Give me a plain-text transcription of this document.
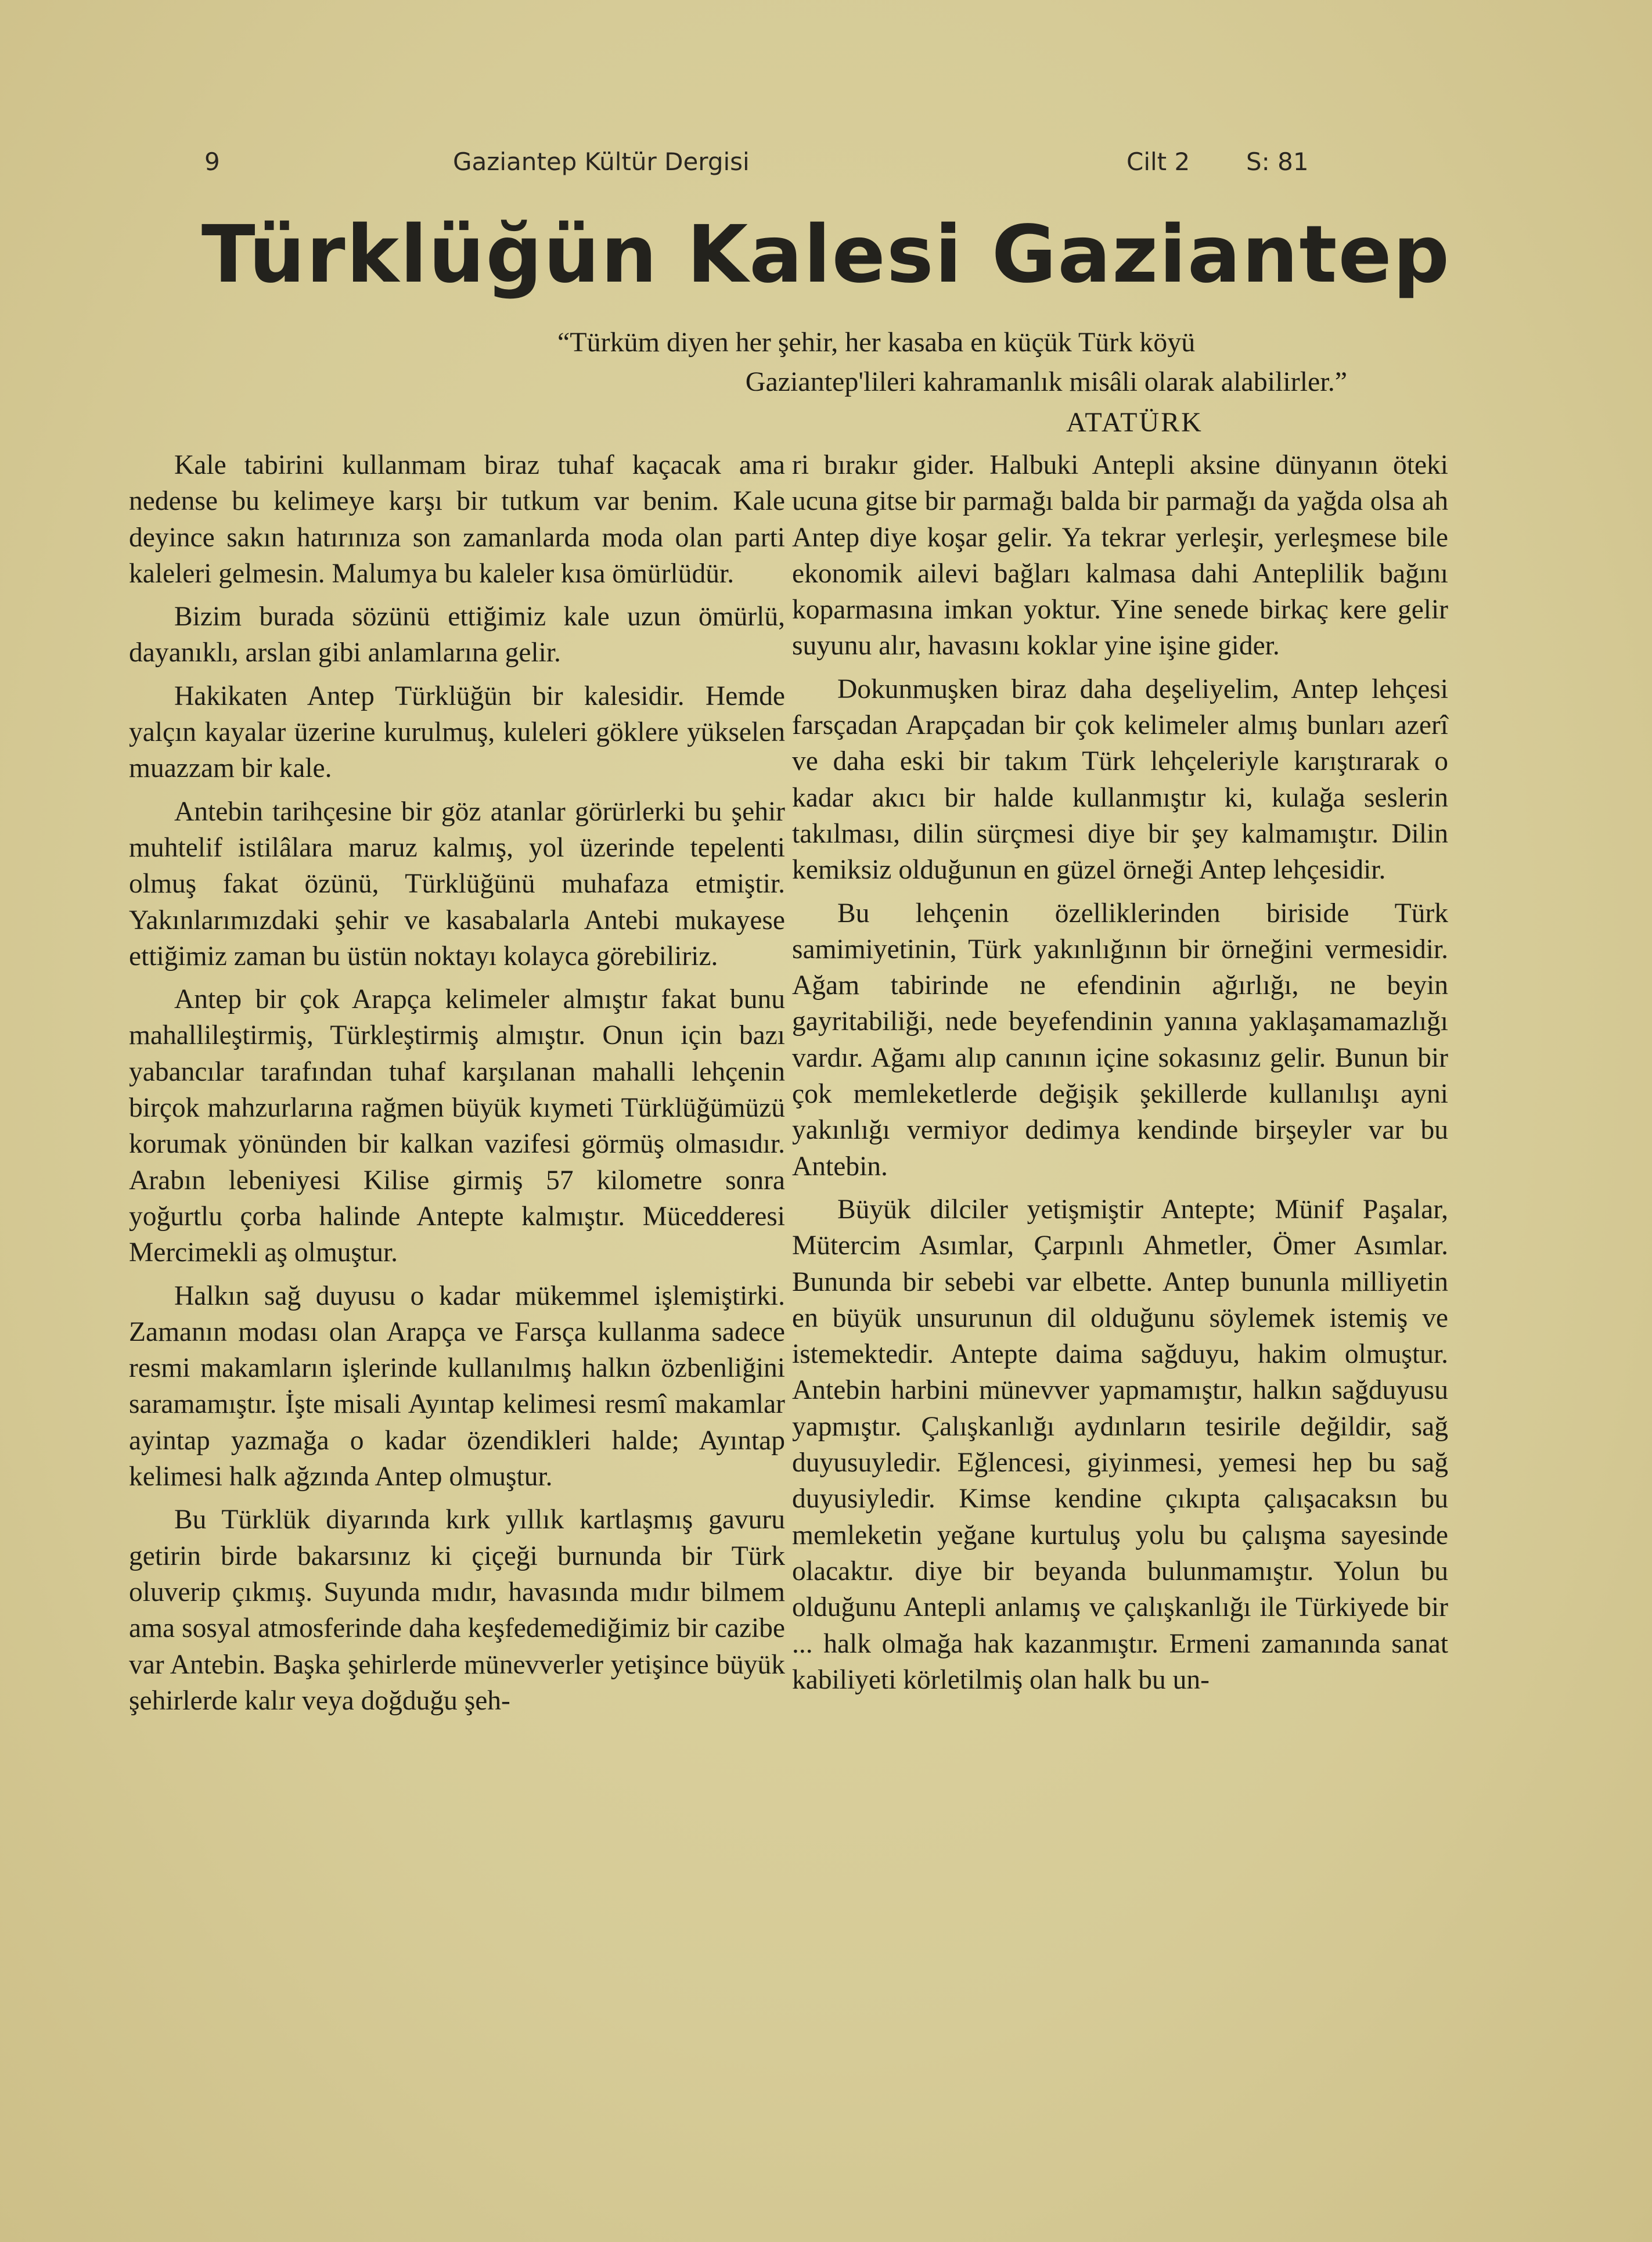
9	Gaziantep Kültür Dergisi	Cilt 2 S: 81
Türklüğün Kalesi Gaziantep

“Türküm diyen her şehir, her kasaba en küçük Türk köyü

Gaziantep'lileri kahramanlık misâli olarak alabilirler.”

ATATÜRK

Kale tabirini kullanmam biraz tuhaf kaçacak ama nedense bu kelimeye karşı bir tutkum var benim. Kale deyince sakın hatırınıza son zamanlarda moda olan parti kaleleri gelmesin. Malumya bu kaleler kısa ömürlüdür.

Bizim burada sözünü ettiğimiz kale uzun ömürlü, dayanıklı, arslan gibi anlamlarına gelir.

Hakikaten Antep Türklüğün bir kalesidir. Hemde yalçın kayalar üzerine kurulmuş, kuleleri göklere yükselen muazzam bir kale.

Antebin tarihçesine bir göz atanlar görürlerki bu şehir muhtelif istilâlara maruz kalmış, yol üzerinde tepelenti olmuş fakat özünü, Türklüğünü muhafaza etmiştir. Yakınlarımızdaki şehir ve kasabalarla Antebi mukayese ettiğimiz zaman bu üstün noktayı kolayca görebiliriz.

Antep bir çok Arapça kelimeler almıştır fakat bunu mahallileştirmiş, Türkleştirmiş almıştır. Onun için bazı yabancılar tarafından tuhaf karşılanan mahalli lehçenin birçok mahzurlarına rağmen büyük kıymeti Türklüğümüzü korumak yönünden bir kalkan vazifesi görmüş olmasıdır. Arabın lebeniyesi Kilise girmiş 57 kilometre sonra yoğurtlu çorba halinde Antepte kalmıştır. Mücedderesi Mercimekli aş olmuştur.

Halkın sağ duyusu o kadar mükemmel işlemiştirki. Zamanın modası olan Arapça ve Farsça kullanma sadece resmi makamların işlerinde kullanılmış halkın özbenliğini saramamıştır. İşte misali Ayıntap kelimesi resmî makamlar ayintap yazmağa o kadar özendikleri halde; Ayıntap kelimesi halk ağzında Antep olmuştur.

Bu Türklük diyarında kırk yıllık kartlaşmış gavuru getirin birde bakarsınız ki çiçeği burnunda bir Türk oluverip çıkmış. Suyunda mıdır, havasında mıdır bilmem ama sosyal atmosferinde daha keşfedemediğimiz bir cazibe var Antebin. Başka şehirlerde münevverler yetişince büyük şehirlerde kalır veya doğduğu şeh-

ri bırakır gider. Halbuki Antepli aksine dünyanın öteki ucuna gitse bir parmağı balda bir parmağı da yağda olsa ah Antep diye koşar gelir. Ya tekrar yerleşir, yerleşmese bile ekonomik ailevi bağları kalmasa dahi Anteplilik bağını koparmasına imkan yoktur. Yine senede birkaç kere gelir suyunu alır, havasını koklar yine işine gider.

Dokunmuşken biraz daha deşeliyelim, Antep lehçesi farsçadan Arapçadan bir çok kelimeler almış bunları azerî ve daha eski bir takım Türk lehçeleriyle karıştırarak o kadar akıcı bir halde kullanmıştır ki, kulağa seslerin takılması, dilin sürçmesi diye bir şey kalmamıştır. Dilin kemiksiz olduğunun en güzel örneği Antep lehçesidir.

Bu lehçenin özelliklerinden biriside Türk samimiyetinin, Türk yakınlığının bir örneğini vermesidir. Ağam tabirinde ne efendinin ağırlığı, ne beyin gayritabiliği, nede beyefendinin yanına yaklaşamamazlığı vardır. Ağamı alıp canının içine sokasınız gelir. Bunun bir çok memleketlerde değişik şekillerde kullanılışı ayni yakınlığı vermiyor dedimya kendinde birşeyler var bu Antebin.

Büyük dilciler yetişmiştir Antepte; Münif Paşalar, Mütercim Asımlar, Çarpınlı Ahmetler, Ömer Asımlar. Bununda bir sebebi var elbette. Antep bununla milliyetin en büyük unsurunun dil olduğunu söylemek istemiş ve istemektedir. Antepte daima sağduyu, hakim olmuştur. Antebin harbini münevver yapmamıştır, halkın sağduyusu yapmıştır. Çalışkanlığı aydınların tesirile değildir, sağ duyusuyledir. Eğlencesi, giyinmesi, yemesi hep bu sağ duyusiyledir. Kimse kendine çıkıpta çalışacaksın bu memleketin yeğane kurtuluş yolu bu çalışma sayesinde olacaktır. diye bir beyanda bulunmamıştır. Yolun bu olduğunu Antepli anlamış ve çalışkanlığı ile Türkiyede bir ... halk olmağa hak kazanmıştır. Ermeni zamanında sanat kabiliyeti körletilmiş olan halk bu un-
